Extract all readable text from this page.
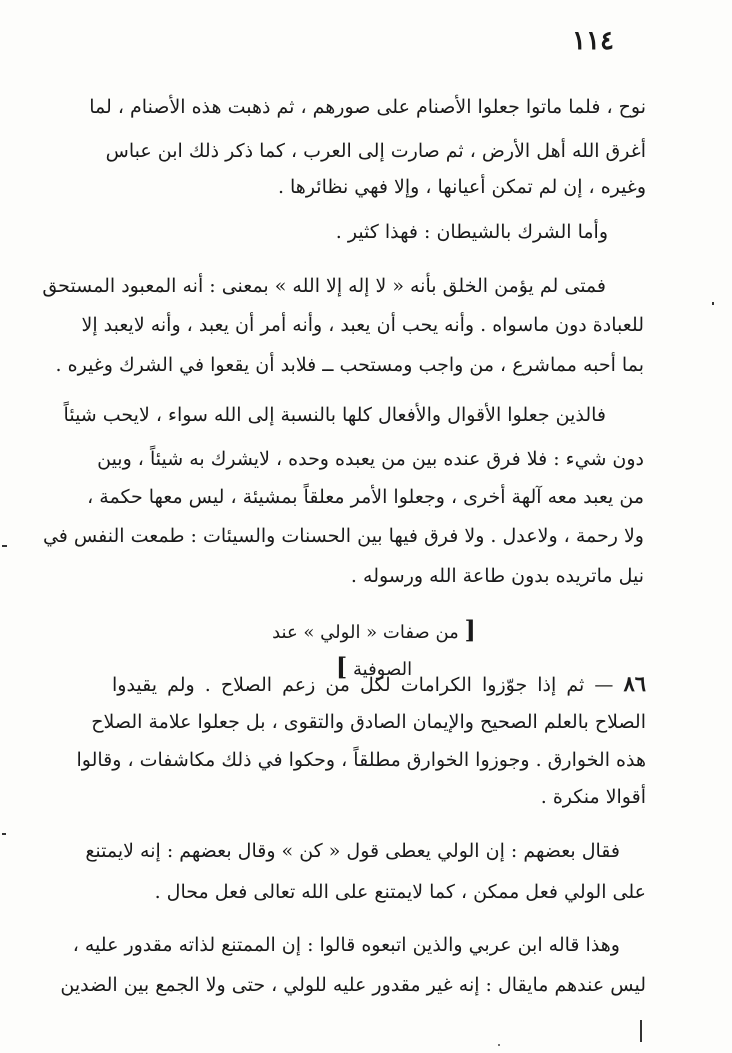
١١٤
نوح ، فلما ماتوا جعلوا الأصنام على صورهم ، ثم ذهبت هذه الأصنام ، لما
أغرق الله أهل الأرض ، ثم صارت إلى العرب ، كما ذكر ذلك ابن عباس
وغيره ، إن لم تمكن أعيانها ، وإلا فهي نظائرها .
وأما الشرك بالشيطان : فهذا كثير .
فمتى لم يؤمن الخلق بأنه « لا إله إلا الله » بمعنى : أنه المعبود المستحق
للعبادة دون ماسواه . وأنه يحب أن يعبد ، وأنه أمر أن يعبد ، وأنه لايعبد إلا
بما أحبه مماشرع ، من واجب ومستحب ــ فلابد أن يقعوا في الشرك وغيره .
فالذين جعلوا الأقوال والأفعال كلها بالنسبة إلى الله سواء ، لايحب شيئاً
دون شيء : فلا فرق عنده بين من يعبده وحده ، لايشرك به شيئاً ، وبين
من يعبد معه آلهة أخرى ، وجعلوا الأمر معلقاً بمشيئة ، ليس معها حكمة ،
ولا رحمة ، ولاعدل . ولا فرق فيها بين الحسنات والسيئات : طمعت النفس في
نيل ماتريده بدون طاعة الله ورسوله .
[ من صفات « الولي » عند الصوفية ]
٨٦ — ثم إذا جوّزوا الكرامات لكل من زعم الصلاح . ولم يقيدوا
الصلاح بالعلم الصحيح والإيمان الصادق والتقوى ، بل جعلوا علامة الصلاح
هذه الخوارق . وجوزوا الخوارق مطلقاً ، وحكوا في ذلك مكاشفات ، وقالوا
أقوالا منكرة .
فقال بعضهم : إن الولي يعطى قول « كن » وقال بعضهم : إنه لايمتنع
على الولي فعل ممكن ، كما لايمتنع على الله تعالى فعل محال .
وهذا قاله ابن عربي والذين اتبعوه قالوا : إن الممتنع لذاته مقدور عليه ،
ليس عندهم مايقال : إنه غير مقدور عليه للولي ، حتى ولا الجمع بين الضدين
